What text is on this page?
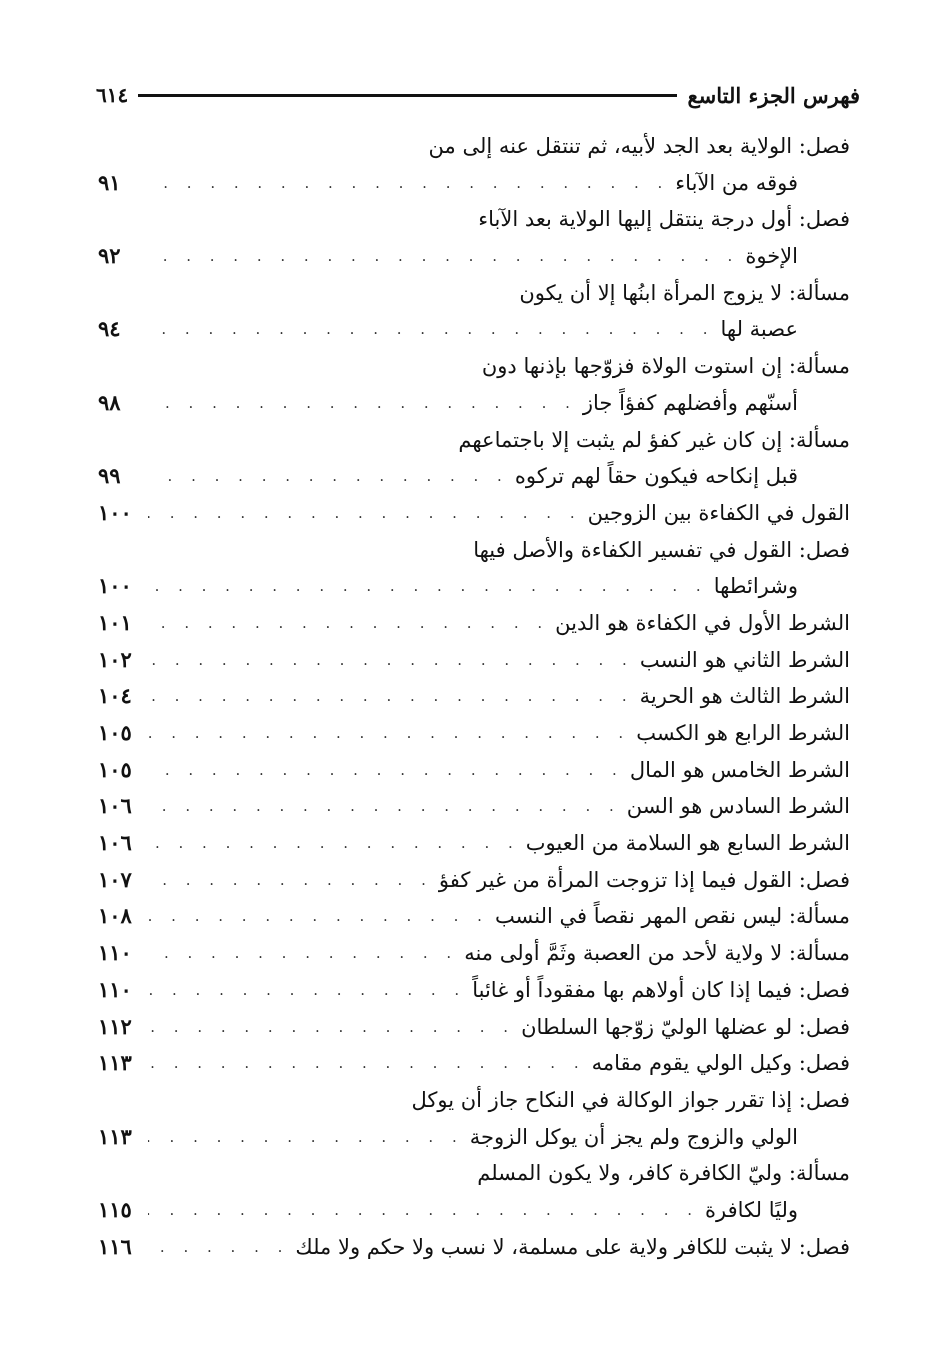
٦١٤	فهرس الجزء التاسع
فصل: الولاية بعد الجد لأبيه، ثم تنتقل عنه إلى من
فوقه من الآباء
. . .
٩١
فصل: أول درجة ينتقل إليها الولاية بعد الآباء
الإخوة
. . .
٩٢
مسألة: لا يزوج المرأة ابنُها إلا أن يكون
عصبة لها
. . .
٩٤
مسألة: إن استوت الولاة فزوّجها بإذنها دون
أسنّهم وأفضلهم كفؤاً جاز
. . .
٩٨
مسألة: إن كان غير كفؤ لم يثبت إلا باجتماعهم
قبل إنكاحه فيكون حقاً لهم تركوه
. . .
٩٩
القول في الكفاءة بين الزوجين
. . .
١٠٠
فصل: القول في تفسير الكفاءة والأصل فيها
وشرائطها
. . .
١٠٠
الشرط الأول في الكفاءة هو الدين
. . .
١٠١
الشرط الثاني هو النسب
. . .
١٠٢
الشرط الثالث هو الحرية
. . .
١٠٤
الشرط الرابع هو الكسب
. . .
١٠٥
الشرط الخامس هو المال
. . .
١٠٥
الشرط السادس هو السن
. . .
١٠٦
الشرط السابع هو السلامة من العيوب
. . .
١٠٦
فصل: القول فيما إذا تزوجت المرأة من غير كفؤ
. . .
١٠٧
مسألة: ليس نقص المهر نقصاً في النسب
. . .
١٠٨
مسألة: لا ولاية لأحد من العصبة وثَمَّ أولى منه
. . .
١١٠
فصل: فيما إذا كان أولاهم بها مفقوداً أو غائباً
. . .
١١٠
فصل: لو عضلها الوليّ زوّجها السلطان
. . .
١١٢
فصل: وكيل الولي يقوم مقامه
. . .
١١٣
فصل: إذا تقرر جواز الوكالة في النكاح جاز أن يوكل
الولي والزوج ولم يجز أن يوكل الزوجة
. . .
١١٣
مسألة: وليّ الكافرة كافر، ولا يكون المسلم
وليًا لكافرة
. . .
١١٥
فصل: لا يثبت للكافر ولاية على مسلمة، لا نسب ولا حكم ولا ملك
. . .
١١٦
